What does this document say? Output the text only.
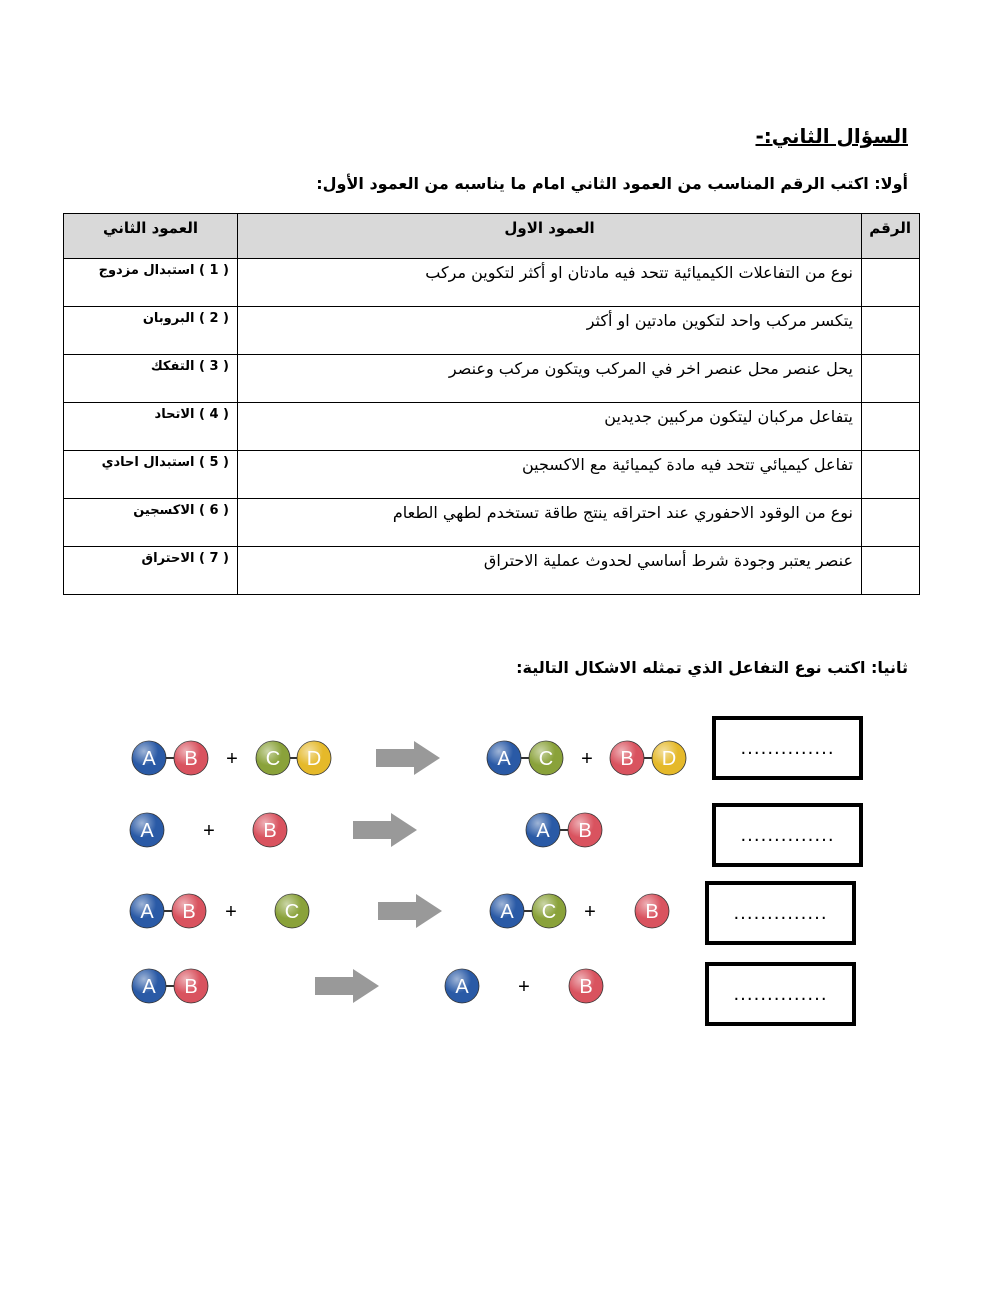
السؤال الثاني:-
أولا: اكتب الرقم المناسب من العمود الثاني امام ما يناسبه من العمود الأول:
الرقم	العمود الاول	العمود الثاني
	نوع من التفاعلات الكيميائية تتحد فيه مادتان او أكثر لتكوين مركب	( 1 ) استبدال مزدوج
	يتكسر مركب واحد لتكوين مادتين او أكثر	( 2 ) البروبان
	يحل عنصر محل عنصر اخر في المركب ويتكون مركب وعنصر	( 3 ) التفكك
	يتفاعل مركبان ليتكون مركبين جديدين	( 4 ) الاتحاد
	تفاعل كيميائي تتحد فيه مادة كيميائية مع الاكسجين	( 5 ) استبدال احادي
	نوع من الوقود الاحفوري عند احتراقه ينتج طاقة تستخدم لطهي الطعام	( 6 ) الاكسجين
	عنصر يعتبر وجودة شرط أساسي لحدوث عملية الاحتراق	( 7 ) الاحتراق
ثانيا: اكتب نوع التفاعل الذي تمثله الاشكال التالية:
A B + C D	A C + B D
A + B	A B
A B + C	A C + B
A B	A + B
..............
..............
..............
..............
